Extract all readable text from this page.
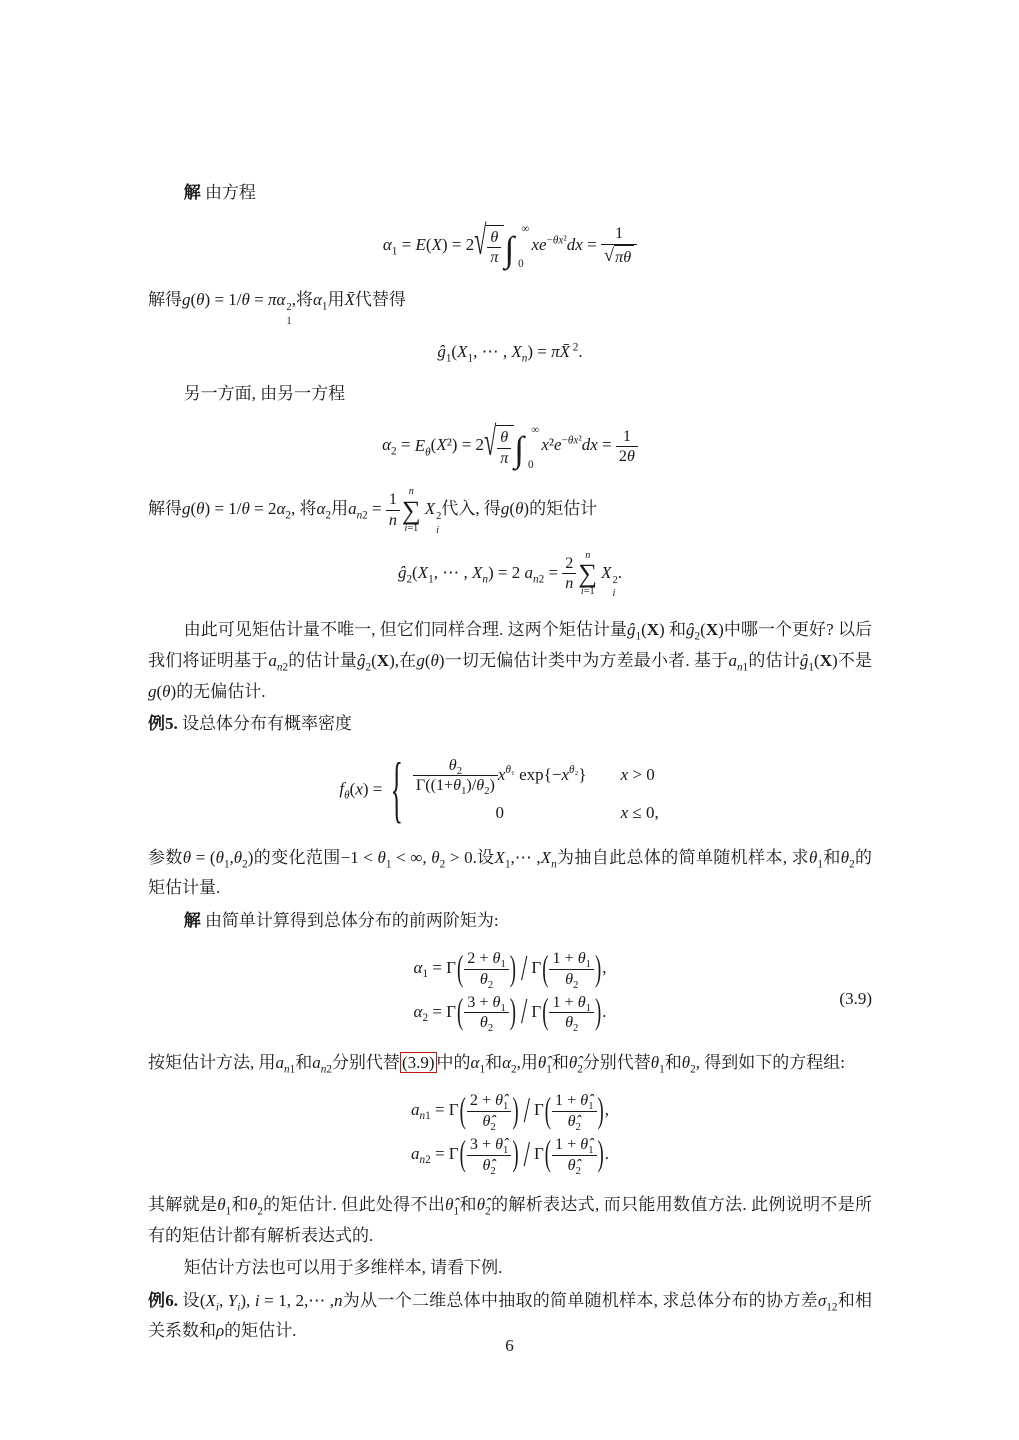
解 由方程

$\alpha_1 = E(X) = 2√ \frac{\theta}{\pi}$ ∫ ∞
0
$xe^{-\theta x^2}dx = \frac{1}{√\pi\theta}$

解得g(θ) = 1/θ = πα 2
1
,将$\alpha_1$用X̄代替得

$ĝ_1(X_1$, ⋯ , $X_n$) = πX̄ $^2$.

另一方面, 由另一方程

$\alpha_2 = E_\theta(X^2) = 2√ \frac{\theta}{\pi}$ ∫ ∞
0
$x^2e^{-\theta x^2}dx = \frac{1}{2\theta}$

解得$g(\theta) = 1/\theta = 2\alpha_2$, 将$\alpha_2$用$a_{n2} = \frac{1}{n}$ n
∑
i=1
X 2
i
代入, 得g(θ)的矩估计

$ĝ_2(X_1$, ⋯ , $X_n) = 2$ $a_{n2} = \frac{2}{n}$ n
∑
i=1
X 2
i
.

由此可见矩估计量不唯一, 但它们同样合理. 这两个矩估计量$ĝ_1(X)$ 和$ĝ_2(X)$中哪一个更好? 以后我们将证明基于$a_{n2}$的估计量$ĝ_2(X)$,在g(θ)一切无偏估计类中为方差最小者. 基于$a_{n1}$的估计$ĝ_1(X)$不是g(θ)的无偏估计.

例5. 设总体分布有概率密度

$f_\theta(x)$ = { $\frac{\theta_2}{\Gamma((1+\theta_1)/\theta_2)} x^{\theta_1}$ $\exp\{-x^{\theta_2}\} x > 0$
0	x ≤ 0,

参数$\theta = (\theta_1,\theta_2)$的变化范围$-1 < \theta_1$ < ∞, $\theta_2 > 0$.设$X_1,\cdots$ $,X_n$为抽自此总体的简单随机样本, 求$\theta_1$和$\theta_2$的矩估计量.

解 由简单计算得到总体分布的前两阶矩为:

$\alpha_1 = \Gamma( \frac{2 + \theta_1}{\theta_2}$ ) / $\Gamma( \frac{1 + \theta_1}{\theta_2}$ ),
$\alpha_2 = \Gamma( \frac{3 + \theta_1}{\theta_2}$ ) / $\Gamma( \frac{1 + \theta_1}{\theta_2}$ ).
(3.9)

按矩估计方法, 用$a_{n1}$和$a_{n2}$分别代替 (3.9) 中的$\alpha_1$和$\alpha_2$,用$\thetâ_1$和$\thetâ_2$分别代替$\theta_1$和$\theta_2$, 得到如下的方程组:

$a_{n1} = \Gamma( \frac{2 + \thetâ_1}{\thetâ_2}$ ) / $\Gamma( \frac{1 + \thetâ_1}{\thetâ_2}$ ),
$a_{n2} = \Gamma( \frac{3 + \thetâ_1}{\thetâ_2}$ ) / $\Gamma( \frac{1 + \thetâ_1}{\thetâ_2}$ ).

其解就是$\theta_1$和$\theta_2$的矩估计. 但此处得不出$\thetâ_1$和$\thetâ_2$的解析表达式, 而只能用数值方法. 此例说明不是所有的矩估计都有解析表达式的.

矩估计方法也可以用于多维样本, 请看下例.

例6. 设($X_i$, $Y_i$), i = 1, 2,⋯ ,n为从一个二维总体中抽取的简单随机样本, 求总体分布的协方差$\sigma_{12}$和相关系数和ρ的矩估计.

6
